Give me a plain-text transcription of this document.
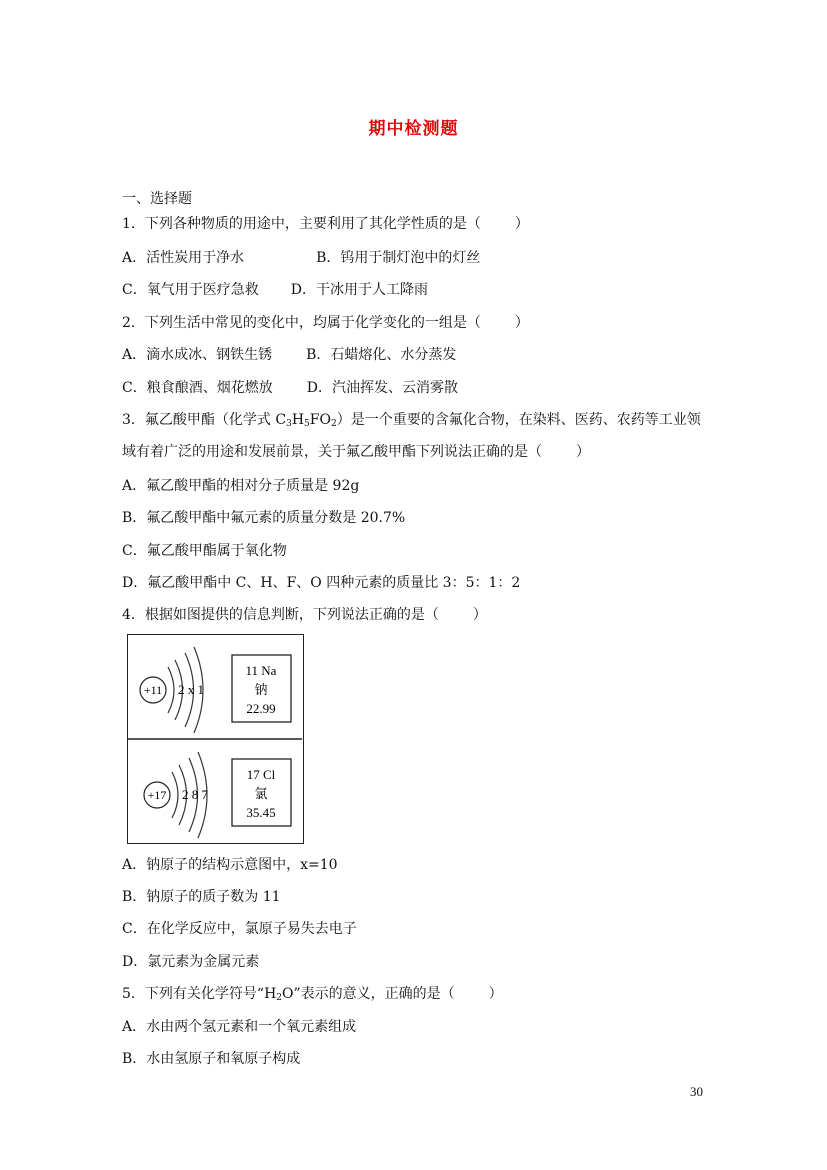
期中检测题
一、选择题
1．下列各种物质的用途中，主要利用了其化学性质的是（ ）
A．活性炭用于净水	B．钨用于制灯泡中的灯丝
C．氧气用于医疗急救 D．干冰用于人工降雨
2．下列生活中常见的变化中，均属于化学变化的一组是（ ）
A．滴水成冰、钢铁生锈 B．石蜡熔化、水分蒸发
C．粮食酿酒、烟花燃放 D．汽油挥发、云消雾散
3．氟乙酸甲酯（化学式 $C_3H_5FO_2$）是一个重要的含氟化合物，在染料、医药、农药等工业领
域有着广泛的用途和发展前景，关于氟乙酸甲酯下列说法正确的是（ ）
A．氟乙酸甲酯的相对分子质量是 92g
B．氟乙酸甲酯中氟元素的质量分数是 20.7%
C．氟乙酸甲酯属于氧化物
D．氟乙酸甲酯中 C、H、F、O 四种元素的质量比 3：5：1：2
4．根据如图提供的信息判断，下列说法正确的是（ ）
+11 2 x 1
11 Na
钠
22.99
+17 2 8 7
17 Cl
氯
35.45
A．钠原子的结构示意图中，x=10
B．钠原子的质子数为 11
C．在化学反应中，氯原子易失去电子
D．氯元素为金属元素
5．下列有关化学符号“$H_2O$”表示的意义，正确的是（ ）
A．水由两个氢元素和一个氧元素组成
B．水由氢原子和氧原子构成
30
